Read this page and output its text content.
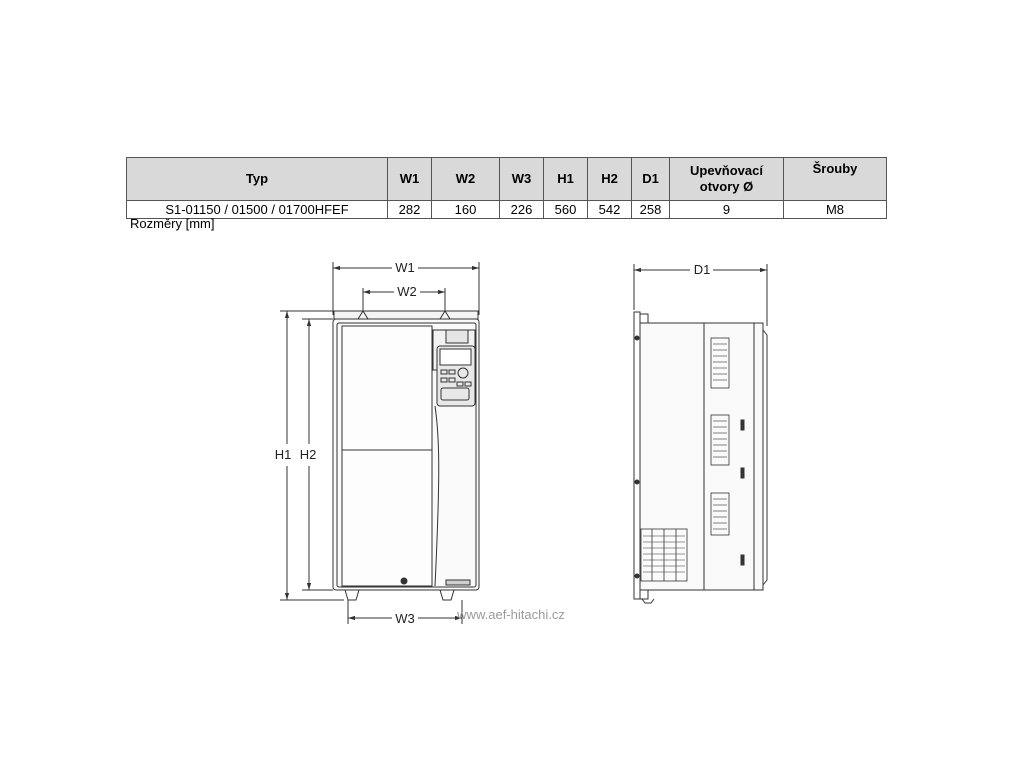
Typ	W1	W2	W3	H1	H2	D1	Upevňovací otvory Ø	Šrouby
S1-01150 / 01500 / 01700HFEF	282	160	226	560	542	258	9	M8
Rozměry [mm]
W1
W2
W3
H1 H2
D1
www.aef-hitachi.cz
